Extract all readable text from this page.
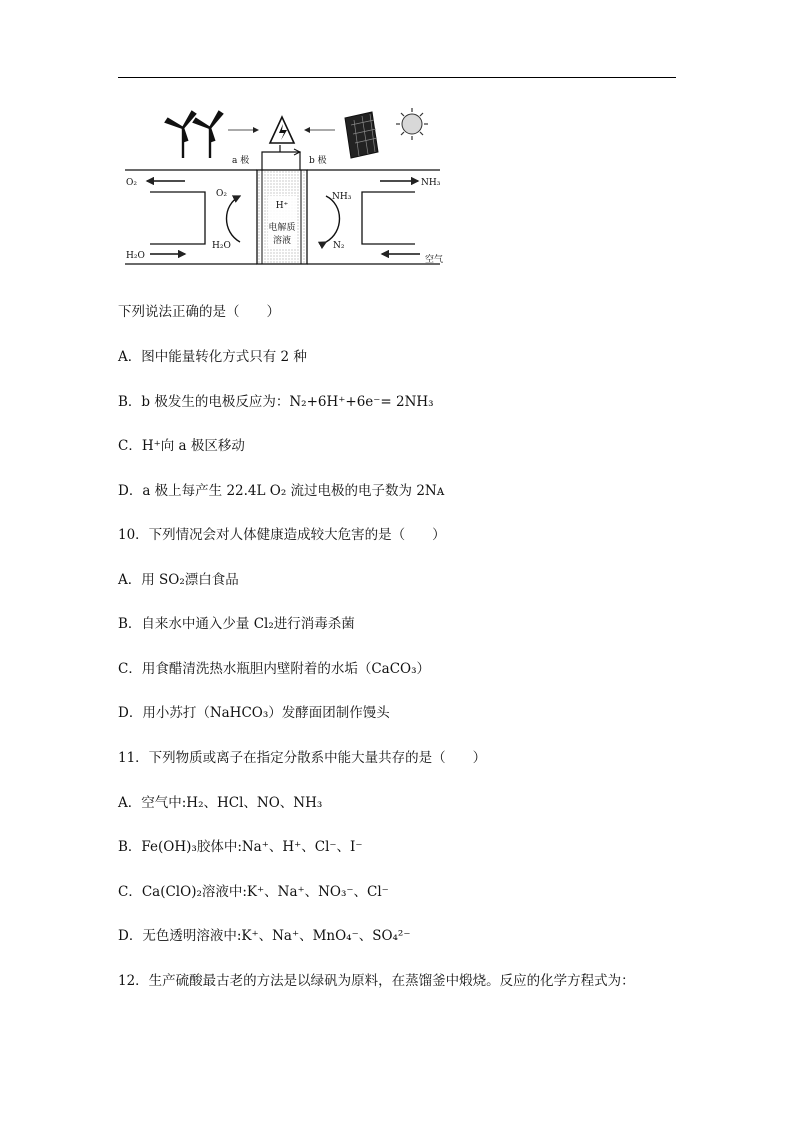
a 极	b 极
H⁺
电解质
溶液
O₂
O₂
H₂O
H₂O
NH₃
NH₃
N₂
空气
下列说法正确的是（　　）
A．图中能量转化方式只有 2 种
B．b 极发生的电极反应为：N₂+6H⁺+6e⁻= 2NH₃
C．H⁺向 a 极区移动
D．a 极上每产生 22.4L O₂ 流过电极的电子数为 2Nᴀ
10．下列情况会对人体健康造成较大危害的是（　　）
A．用 SO₂漂白食品
B．自来水中通入少量 Cl₂进行消毒杀菌
C．用食醋清洗热水瓶胆内壁附着的水垢（CaCO₃）
D．用小苏打（NaHCO₃）发酵面团制作馒头
11．下列物质或离子在指定分散系中能大量共存的是（　　）
A．空气中:H₂、HCl、NO、NH₃
B．Fe(OH)₃胶体中:Na⁺、H⁺、Cl⁻、I⁻
C．Ca(ClO)₂溶液中:K⁺、Na⁺、NO₃⁻、Cl⁻
D．无色透明溶液中:K⁺、Na⁺、MnO₄⁻、SO₄²⁻
12．生产硫酸最古老的方法是以绿矾为原料，在蒸馏釜中煅烧。反应的化学方程式为：
